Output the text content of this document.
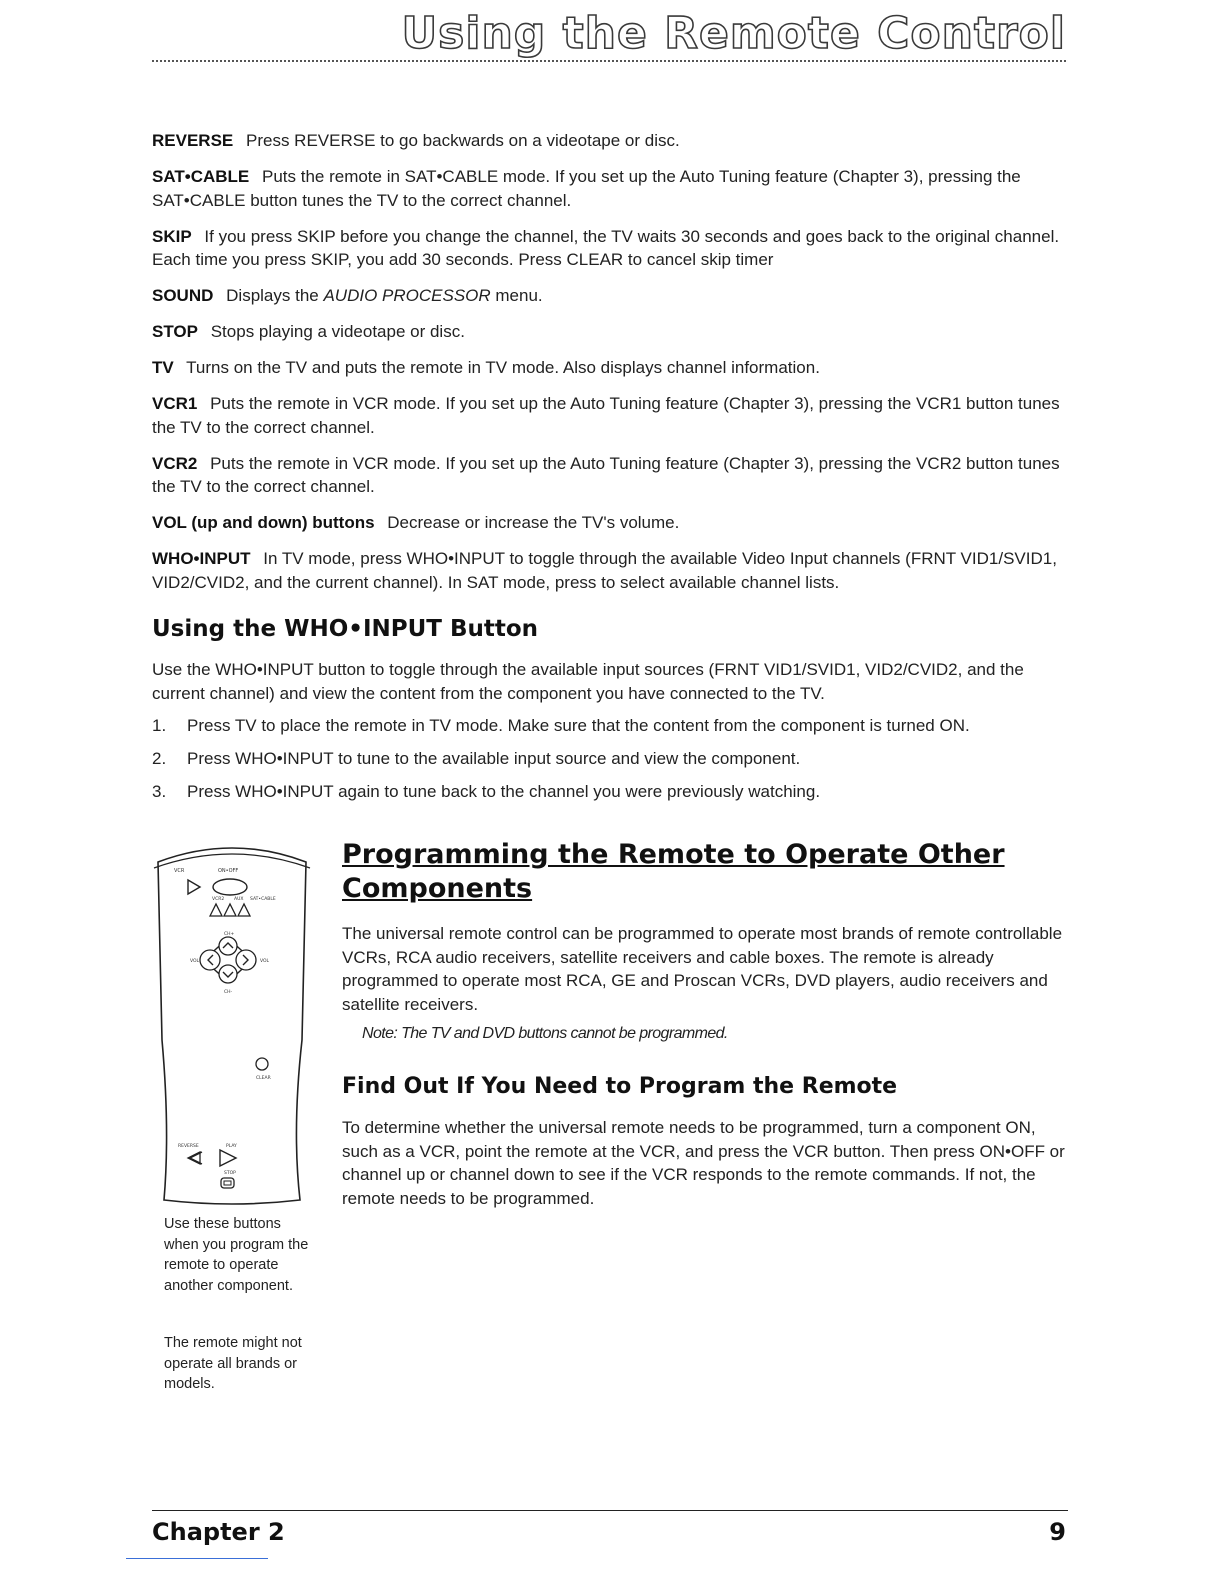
Using the Remote Control

REVERSE Press REVERSE to go backwards on a videotape or disc.

SAT•CABLE Puts the remote in SAT•CABLE mode. If you set up the Auto Tuning feature (Chapter 3), pressing the SAT•CABLE button tunes the TV to the correct channel.

SKIP If you press SKIP before you change the channel, the TV waits 30 seconds and goes back to the original channel. Each time you press SKIP, you add 30 seconds. Press CLEAR to cancel skip timer

SOUND Displays the AUDIO PROCESSOR menu.

STOP Stops playing a videotape or disc.

TV Turns on the TV and puts the remote in TV mode. Also displays channel information.

VCR1 Puts the remote in VCR mode. If you set up the Auto Tuning feature (Chapter 3), pressing the VCR1 button tunes the TV to the correct channel.

VCR2 Puts the remote in VCR mode. If you set up the Auto Tuning feature (Chapter 3), pressing the VCR2 button tunes the TV to the correct channel.

VOL (up and down) buttons Decrease or increase the TV's volume.

WHO•INPUT In TV mode, press WHO•INPUT to toggle through the available Video Input channels (FRNT VID1/SVID1, VID2/CVID2, and the current channel). In SAT mode, press to select available channel lists.

Using the WHO•INPUT Button

Use the WHO•INPUT button to toggle through the available input sources (FRNT VID1/SVID1, VID2/CVID2, and the current channel) and view the content from the component you have connected to the TV.

1.	Press TV to place the remote in TV mode. Make sure that the content from the component is turned ON.
2.	Press WHO•INPUT to tune to the available input source and view the component.
3.	Press WHO•INPUT again to tune back to the channel you were previously watching.
VCR	ON•OFF
VCR2 AUX SAT•CABLE
CH+
VOL	VOL
CH-
CLEAR
REVERSE	PLAY
STOP

Use these buttons when you program the remote to operate another component.

The remote might not operate all brands or models.

Programming the Remote to Operate Other Components

The universal remote control can be programmed to operate most brands of remote controllable VCRs, RCA audio receivers, satellite receivers and cable boxes. The remote is already programmed to operate most RCA, GE and Proscan VCRs, DVD players, audio receivers and satellite receivers.

Note: The TV and DVD buttons cannot be programmed.

Find Out If You Need to Program the Remote

To determine whether the universal remote needs to be programmed, turn a component ON, such as a VCR, point the remote at the VCR, and press the VCR button. Then press ON•OFF or channel up or channel down to see if the VCR responds to the remote commands. If not, the remote needs to be programmed.

Chapter 2	9
